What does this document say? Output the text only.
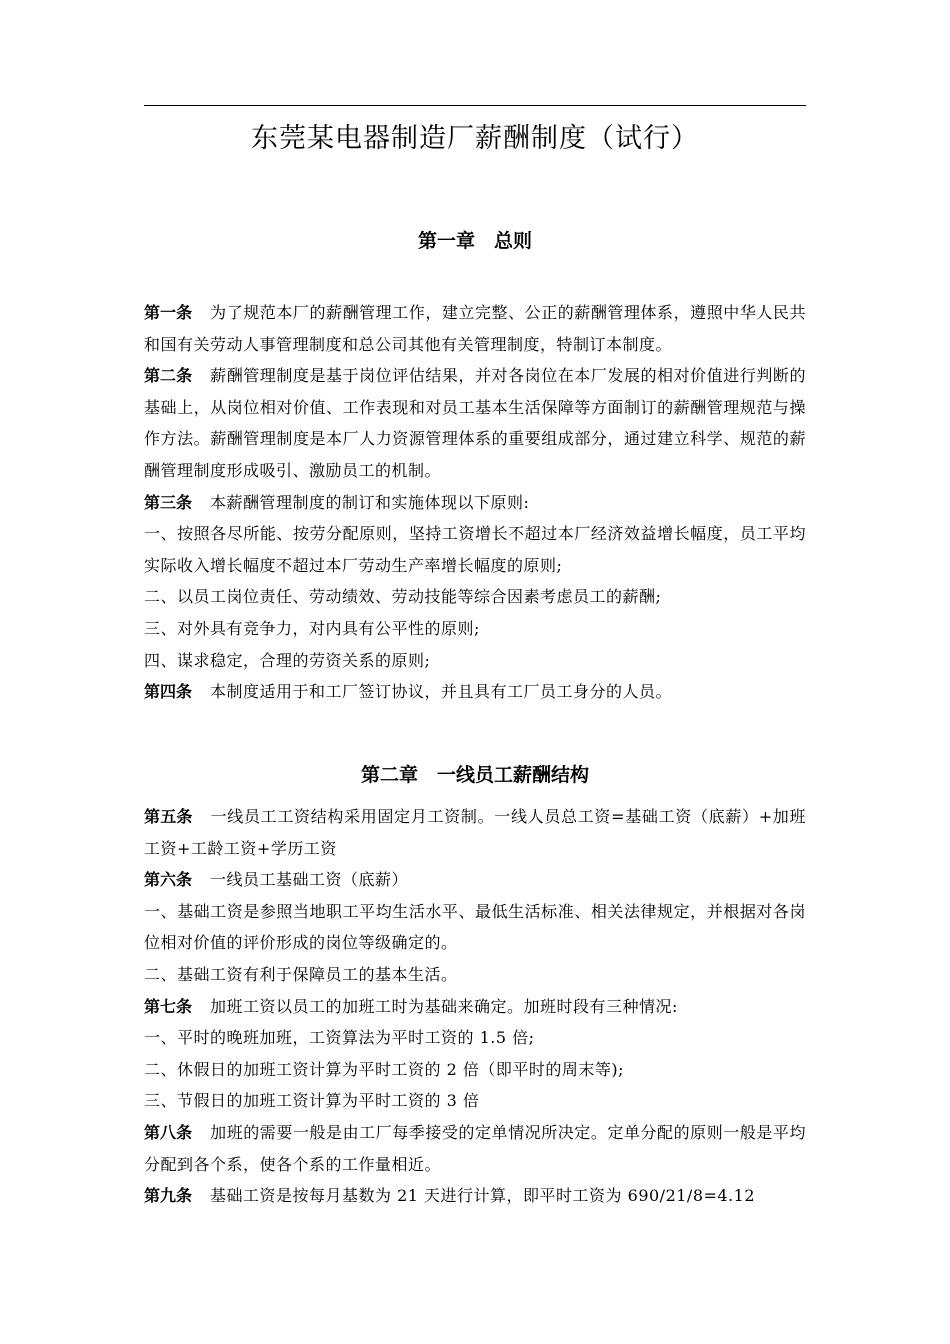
东莞某电器制造厂薪酬制度（试行）
第一章　总则

第一条 为了规范本厂的薪酬管理工作，建立完整、公正的薪酬管理体系，遵照中华人民共和国有关劳动人事管理制度和总公司其他有关管理制度，特制订本制度。

第二条 薪酬管理制度是基于岗位评估结果，并对各岗位在本厂发展的相对价值进行判断的基础上，从岗位相对价值、工作表现和对员工基本生活保障等方面制订的薪酬管理规范与操作方法。薪酬管理制度是本厂人力资源管理体系的重要组成部分，通过建立科学、规范的薪酬管理制度形成吸引、激励员工的机制。

第三条 本薪酬管理制度的制订和实施体现以下原则:

一、按照各尽所能、按劳分配原则，坚持工资增长不超过本厂经济效益增长幅度，员工平均实际收入增长幅度不超过本厂劳动生产率增长幅度的原则;

二、以员工岗位责任、劳动绩效、劳动技能等综合因素考虑员工的薪酬;

三、对外具有竞争力，对内具有公平性的原则;

四、谋求稳定，合理的劳资关系的原则;

第四条 本制度适用于和工厂签订协议，并且具有工厂员工身分的人员。

第二章　一线员工薪酬结构

第五条 一线员工工资结构采用固定月工资制。一线人员总工资=基础工资（底薪）+加班工资+工龄工资+学历工资

第六条 一线员工基础工资（底薪）

一、基础工资是参照当地职工平均生活水平、最低生活标准、相关法律规定，并根据对各岗位相对价值的评价形成的岗位等级确定的。

二、基础工资有利于保障员工的基本生活。

第七条 加班工资以员工的加班工时为基础来确定。加班时段有三种情况:

一、平时的晚班加班，工资算法为平时工资的 1.5 倍;

二、休假日的加班工资计算为平时工资的 2 倍（即平时的周末等);

三、节假日的加班工资计算为平时工资的 3 倍

第八条 加班的需要一般是由工厂每季接受的定单情况所决定。定单分配的原则一般是平均分配到各个系，使各个系的工作量相近。

第九条 基础工资是按每月基数为 21 天进行计算，即平时工资为 690/21/8=4.12
